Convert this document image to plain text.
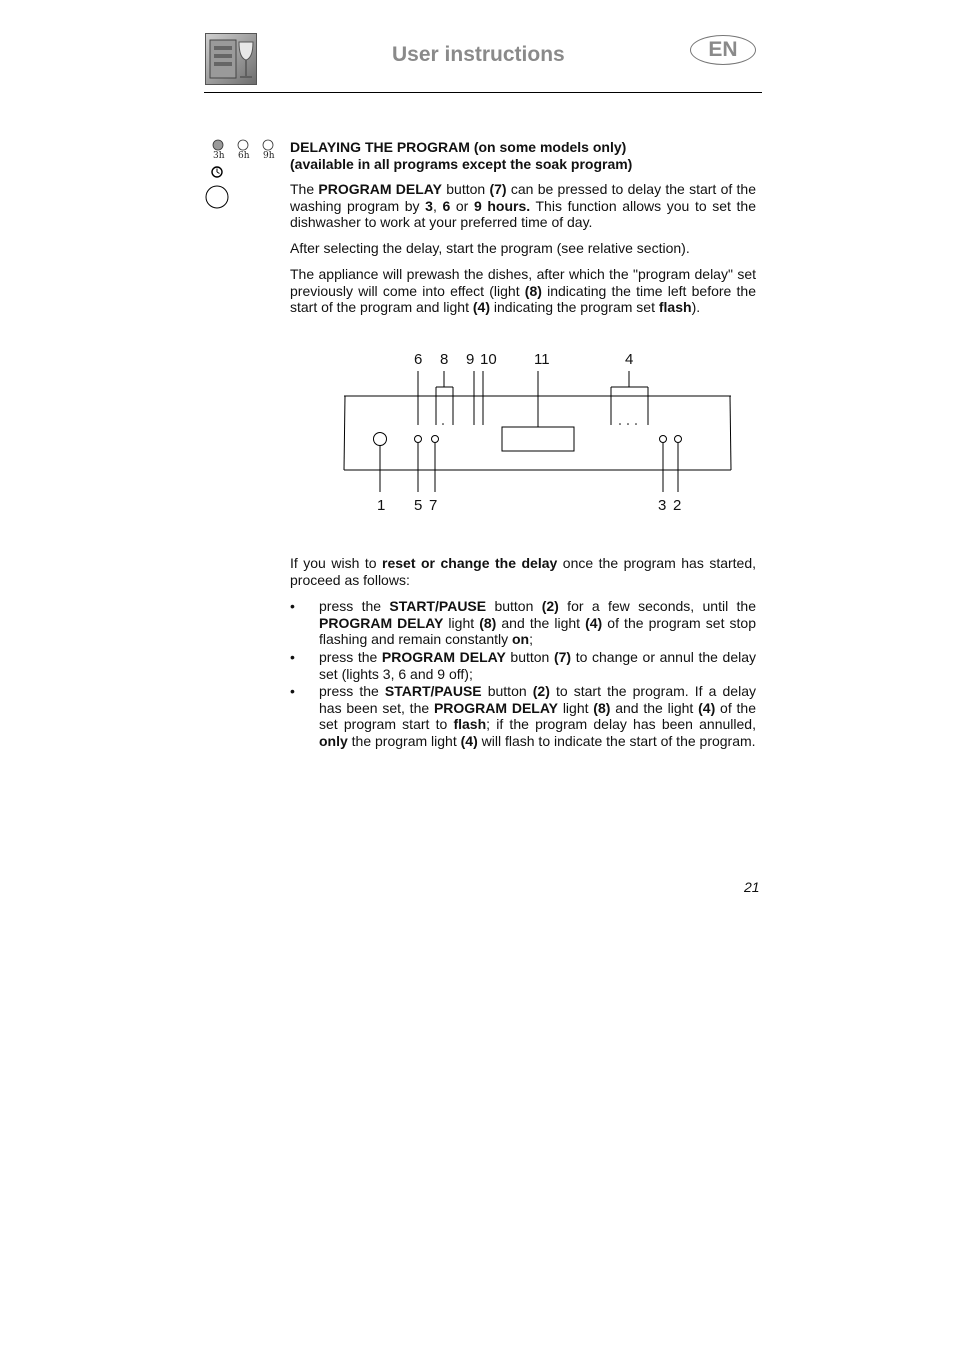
User instructions	EN
3h 6h 9h
DELAYING THE PROGRAM (on some models only)
(available in all programs except the soak program)
The PROGRAM DELAY button (7) can be pressed to delay the start of the washing program by 3, 6 or 9 hours. This function allows you to set the dishwasher to work at your preferred time of day.
After selecting the delay, start the program (see relative section).
The appliance will prewash the dishes, after which the "program delay" set previously will come into effect (light (8) indicating the time left before the start of the program and light (4) indicating the program set flash).
6 8 9 10 11	4
1 5 7	3 2
If you wish to reset or change the delay once the program has started, proceed as follows:
• press the START/PAUSE button (2) for a few seconds, until the PROGRAM DELAY light (8) and the light (4) of the program set stop flashing and remain constantly on;
• press the PROGRAM DELAY button (7) to change or annul the delay set (lights 3, 6 and 9 off);
• press the START/PAUSE button (2) to start the program. If a delay has been set, the PROGRAM DELAY light (8) and the light (4) of the set program start to flash; if the program delay has been annulled, only the program light (4) will flash to indicate the start of the program.
21
